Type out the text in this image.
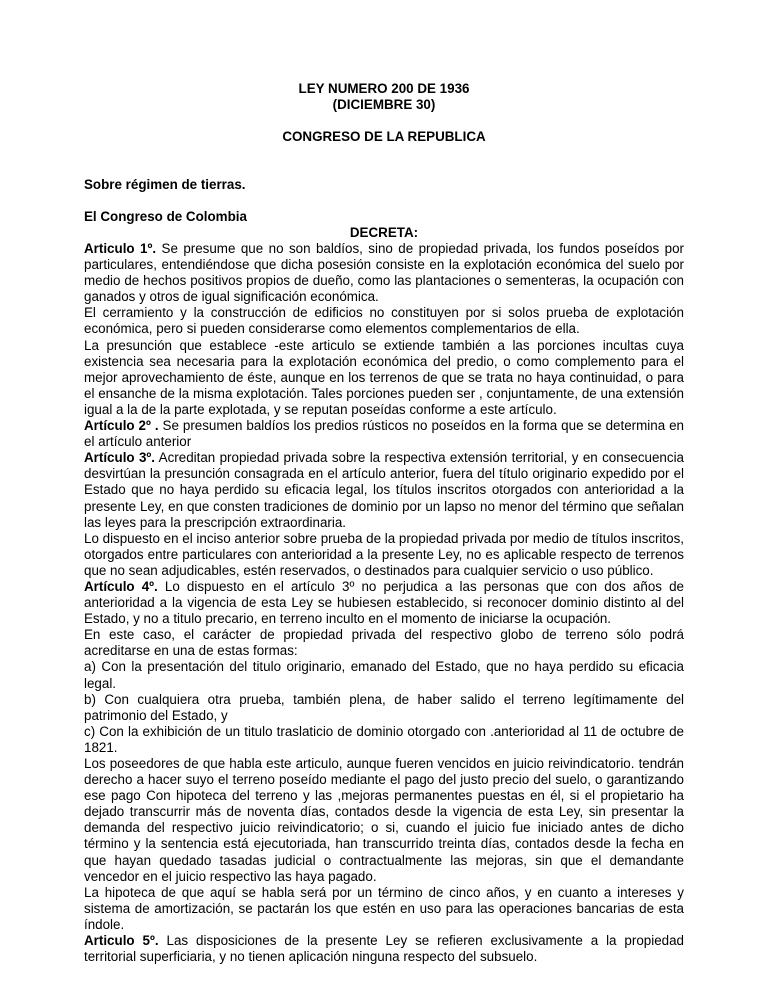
LEY NUMERO 200 DE 1936
(DICIEMBRE 30)
CONGRESO DE LA REPUBLICA
Sobre régimen de tierras.
El Congreso de Colombia
DECRETA:

Articulo 1º. Se presume que no son baldíos, sino de propiedad privada, los fundos poseídos por particulares, entendiéndose que dicha posesión consiste en la explotación económica del suelo por medio de hechos positivos propios de dueño, como las plantaciones o sementeras, la ocupación con ganados y otros de igual significación económica.

El cerramiento y la construcción de edificios no constituyen por si solos prueba de explotación económica, pero si pueden considerarse como elementos complementarios de ella.

La presunción que establece -este articulo se extiende también a las porciones incultas cuya existencia sea necesaria para la explotación económica del predio, o como complemento para el mejor aprovechamiento de éste, aunque en los terrenos de que se trata no haya continuidad, o para el ensanche de la misma explotación. Tales porciones pueden ser , conjuntamente, de una extensión igual a la de la parte explotada, y se reputan poseídas conforme a este artículo.

Artículo 2º . Se presumen baldíos los predios rústicos no poseídos en la forma que se determina en el artículo anterior

Artículo 3º. Acreditan propiedad privada sobre la respectiva extensión territorial, y en consecuencia desvirtúan la presunción consagrada en el artículo anterior, fuera del título originario expedido por el Estado que no haya perdido su eficacia legal, los títulos inscritos otorgados con anterioridad a la presente Ley, en que consten tradiciones de dominio por un lapso no menor del término que señalan las leyes para la prescripción extraordinaria.

Lo dispuesto en el inciso anterior sobre prueba de la propiedad privada por medio de títulos inscritos, otorgados entre particulares con anterioridad a la presente Ley, no es aplicable respecto de terrenos que no sean adjudicables, estén reservados, o destinados para cualquier servicio o uso público.

Artículo 4º. Lo dispuesto en el artículo 3º no perjudica a las personas que con dos años de anterioridad a la vigencia de esta Ley se hubiesen establecido, si reconocer dominio distinto al del Estado, y no a titulo precario, en terreno inculto en el momento de iniciarse la ocupación.

En este caso, el carácter de propiedad privada del respectivo globo de terreno sólo podrá acreditarse en una de estas formas:

a) Con la presentación del titulo originario, emanado del Estado, que no haya perdido su eficacia legal.

b) Con cualquiera otra prueba, también plena, de haber salido el terreno legítimamente del patrimonio del Estado, y

c) Con la exhibición de un titulo traslaticio de dominio otorgado con .anterioridad al 11 de octubre de 1821.

Los poseedores de que habla este articulo, aunque fueren vencidos en juicio reivindicatorio. tendrán derecho a hacer suyo el terreno poseído mediante el pago del justo precio del suelo, o garantizando ese pago Con hipoteca del terreno y las ,mejoras permanentes puestas en él, si el propietario ha dejado transcurrir más de noventa días, contados desde la vigencia de esta Ley, sin presentar la demanda del respectivo juicio reivindicatorio; o si, cuando el juicio fue iniciado antes de dicho término y la sentencia está ejecutoriada, han transcurrido treinta días, contados desde la fecha en que hayan quedado tasadas judicial o contractualmente las mejoras, sin que el demandante vencedor en el juicio respectivo las haya pagado.

La hipoteca de que aquí se habla será por un término de cinco años, y en cuanto a intereses y sistema de amortización, se pactarán los que estén en uso para las operaciones bancarias de esta índole.

Articulo 5º. Las disposiciones de la presente Ley se refieren exclusivamente a la propiedad territorial superficiaria, y no tienen aplicación ninguna respecto del subsuelo.
